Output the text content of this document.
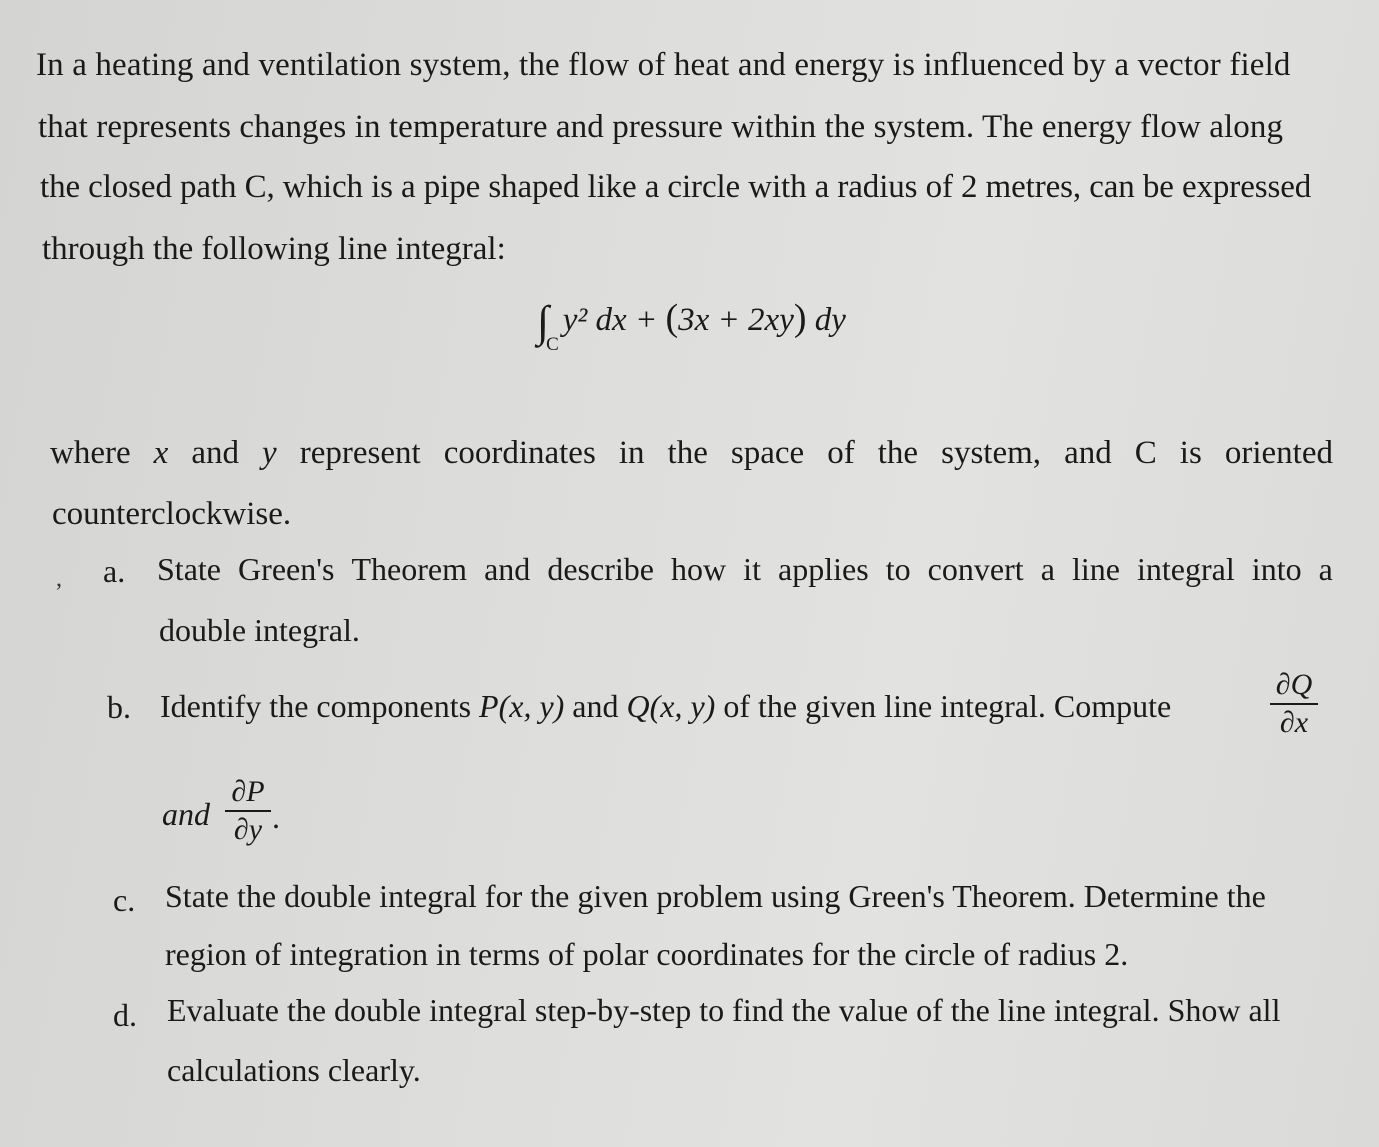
In a heating and ventilation system, the flow of heat and energy is influenced by a vector field
that represents changes in temperature and pressure within the system. The energy flow along
the closed path C, which is a pipe shaped like a circle with a radius of 2 metres, can be expressed
through the following line integral:
$\int_Cy^2$ dx + (3x + 2xy) dy
where x and y represent coordinates in the space of the system, and C is oriented
counterclockwise.
, a. State Green's Theorem and describe how it applies to convert a line integral into a
double integral.
b. Identify the components P(x, y) and Q(x, y) of the given line integral. Compute
∂Q
∂x
and
∂P
∂y .
c. State the double integral for the given problem using Green's Theorem. Determine the
region of integration in terms of polar coordinates for the circle of radius 2.
d. Evaluate the double integral step-by-step to find the value of the line integral. Show all
calculations clearly.
